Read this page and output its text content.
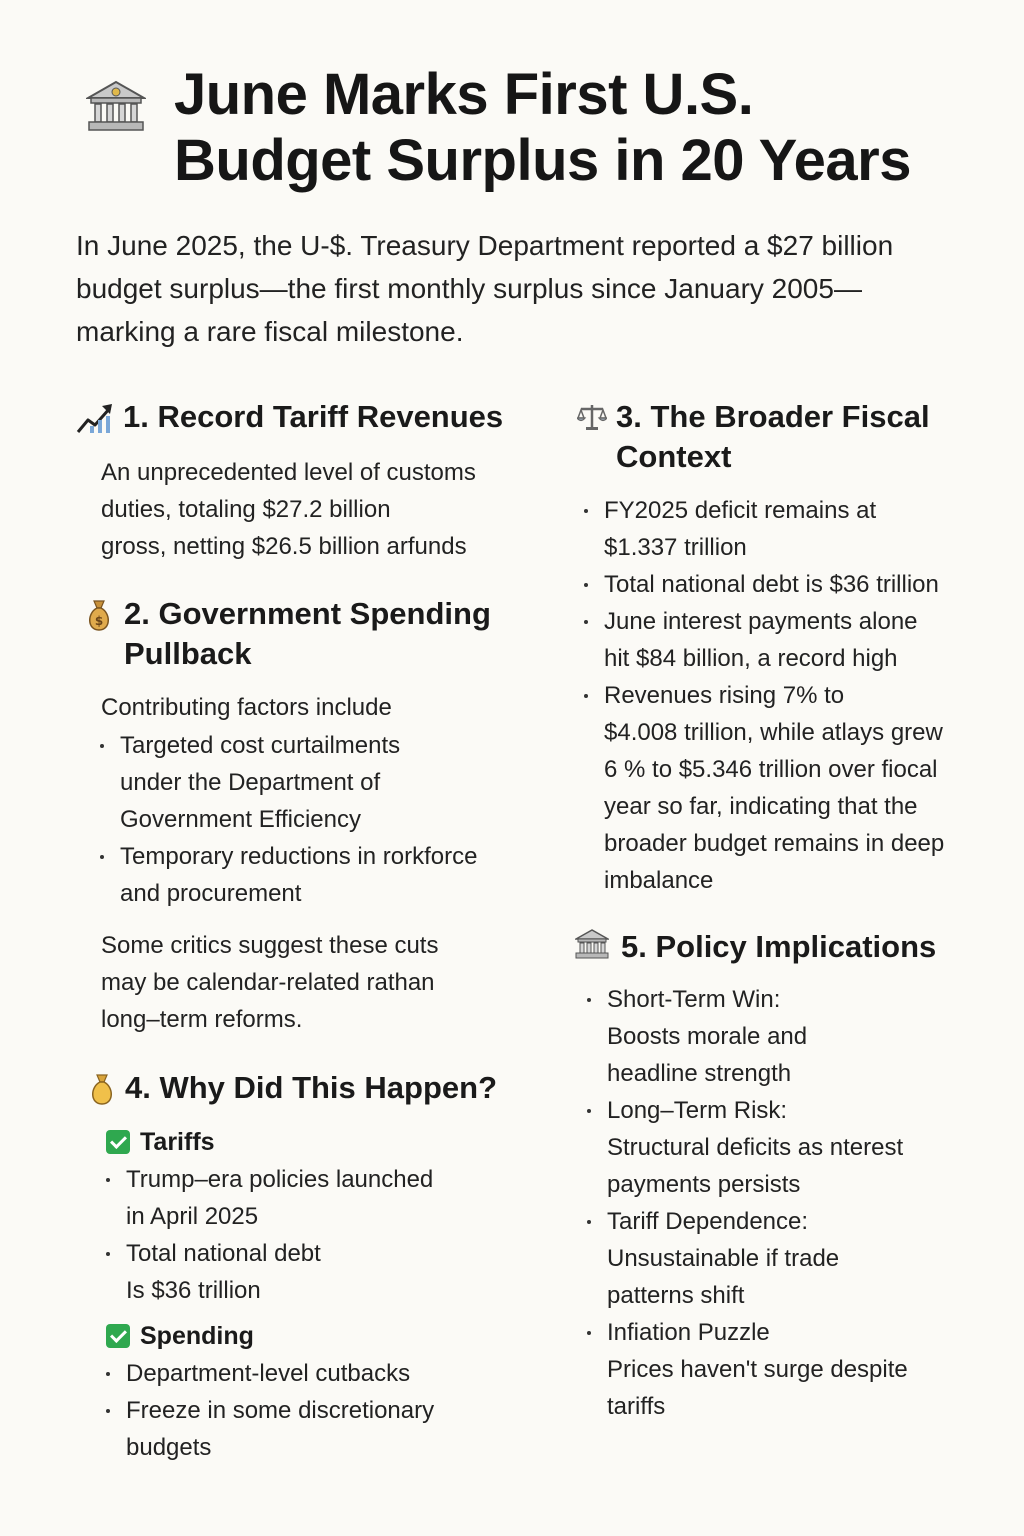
June Marks First U.S.
Budget Surplus in 20 Years

In June 2025, the U-$. Treasury Department reported a $27 billion
budget surplus—the first monthly surplus since January 2005—
marking a rare fiscal milestone.

1. Record Tariff Revenues

An unprecedented level of customs
duties, totaling $27.2 billion
gross, netting $26.5 billion arfunds

$ 2. Government Spending
Pullback

Contributing factors include

Targeted cost curtailments
under the Department of
Government Efficiency
Temporary reductions in rorkforce
and procurement

Some critics suggest these cuts
may be calendar-related rathan
long–term reforms.

4. Why Did This Happen?
Tariffs
Trump–era policies launched
in April 2025
Total national debt
Is $36 trillion
Spending
Department-level cutbacks
Freeze in some discretionary
budgets
3. The Broader Fiscal
Context
FY2025 deficit remains at
$1.337 trillion
Total national debt is $36 trillion
June interest payments alone
hit $84 billion, a record high
Revenues rising 7% to
$4.008 trillion, while atlays grew
6 % to $5.346 trillion over fiocal
year so far, indicating that the
broader budget remains in deep
imbalance
5. Policy Implications
Short-Term Win:
Boosts morale and
headline strength
Long–Term Risk:
Structural deficits as nterest
payments persists
Tariff Dependence:
Unsustainable if trade
patterns shift
Infiation Puzzle
Prices haven't surge despite
tariffs
